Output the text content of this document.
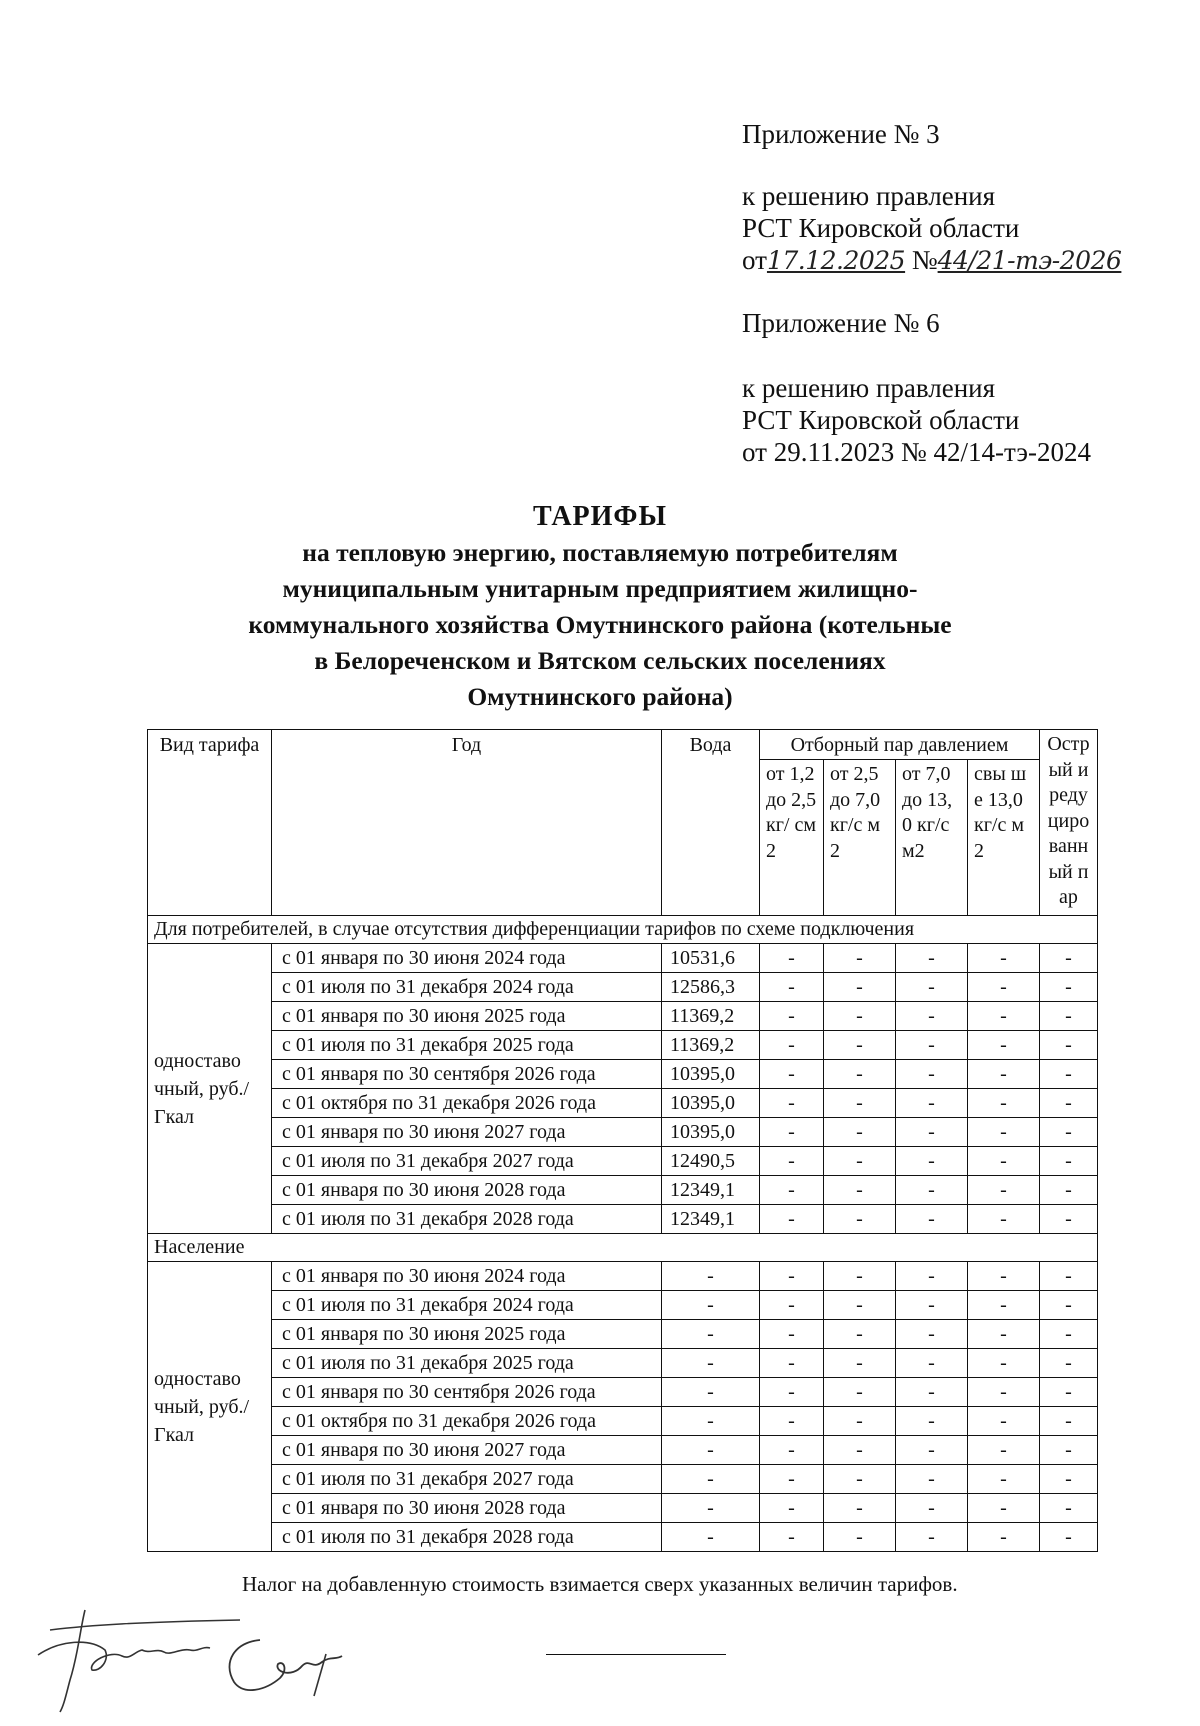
Приложение № 3
к решению правления
РСТ Кировской области
от17.12.2025 №44/21-тэ-2026
Приложение № 6
к решению правления
РСТ Кировской области
от 29.11.2023 № 42/14-тэ-2024
ТАРИФЫ
на тепловую энергию, поставляемую потребителям
муниципальным унитарным предприятием жилищно-
коммунального хозяйства Омутнинского района (котельные
в Белореченском и Вятском сельских поселениях
Омутнинского района)
Вид тарифа	Год	Вода	Отборный пар давлением				Остр ый и реду циро ванн ый пар
			от 1,2 до 2,5 кг/ см2	от 2,5 до 7,0 кг/с м2	от 7,0 до 13,0 кг/с м2	свы ше 13,0 кг/с м2	
Для потребителей, в случае отсутствия дифференциации тарифов по схеме подключения							
одноставо чный, руб./Гкал	с 01 января по 30 июня 2024 года	10531,6	-	-	-	-	-
	с 01 июля по 31 декабря 2024 года	12586,3	-	-	-	-	-
	с 01 января по 30 июня 2025 года	11369,2	-	-	-	-	-
	с 01 июля по 31 декабря 2025 года	11369,2	-	-	-	-	-
	с 01 января по 30 сентября 2026 года	10395,0	-	-	-	-	-
	с 01 октября по 31 декабря 2026 года	10395,0	-	-	-	-	-
	с 01 января по 30 июня 2027 года	10395,0	-	-	-	-	-
	с 01 июля по 31 декабря 2027 года	12490,5	-	-	-	-	-
	с 01 января по 30 июня 2028 года	12349,1	-	-	-	-	-
	с 01 июля по 31 декабря 2028 года	12349,1	-	-	-	-	-
Население							
одноставо чный, руб./Гкал	с 01 января по 30 июня 2024 года	-	-	-	-	-	-
	с 01 июля по 31 декабря 2024 года	-	-	-	-	-	-
	с 01 января по 30 июня 2025 года	-	-	-	-	-	-
	с 01 июля по 31 декабря 2025 года	-	-	-	-	-	-
	с 01 января по 30 сентября 2026 года	-	-	-	-	-	-
	с 01 октября по 31 декабря 2026 года	-	-	-	-	-	-
	с 01 января по 30 июня 2027 года	-	-	-	-	-	-
	с 01 июля по 31 декабря 2027 года	-	-	-	-	-	-
	с 01 января по 30 июня 2028 года	-	-	-	-	-	-
	с 01 июля по 31 декабря 2028 года	-	-	-	-	-	-
Налог на добавленную стоимость взимается сверх указанных величин тарифов.
